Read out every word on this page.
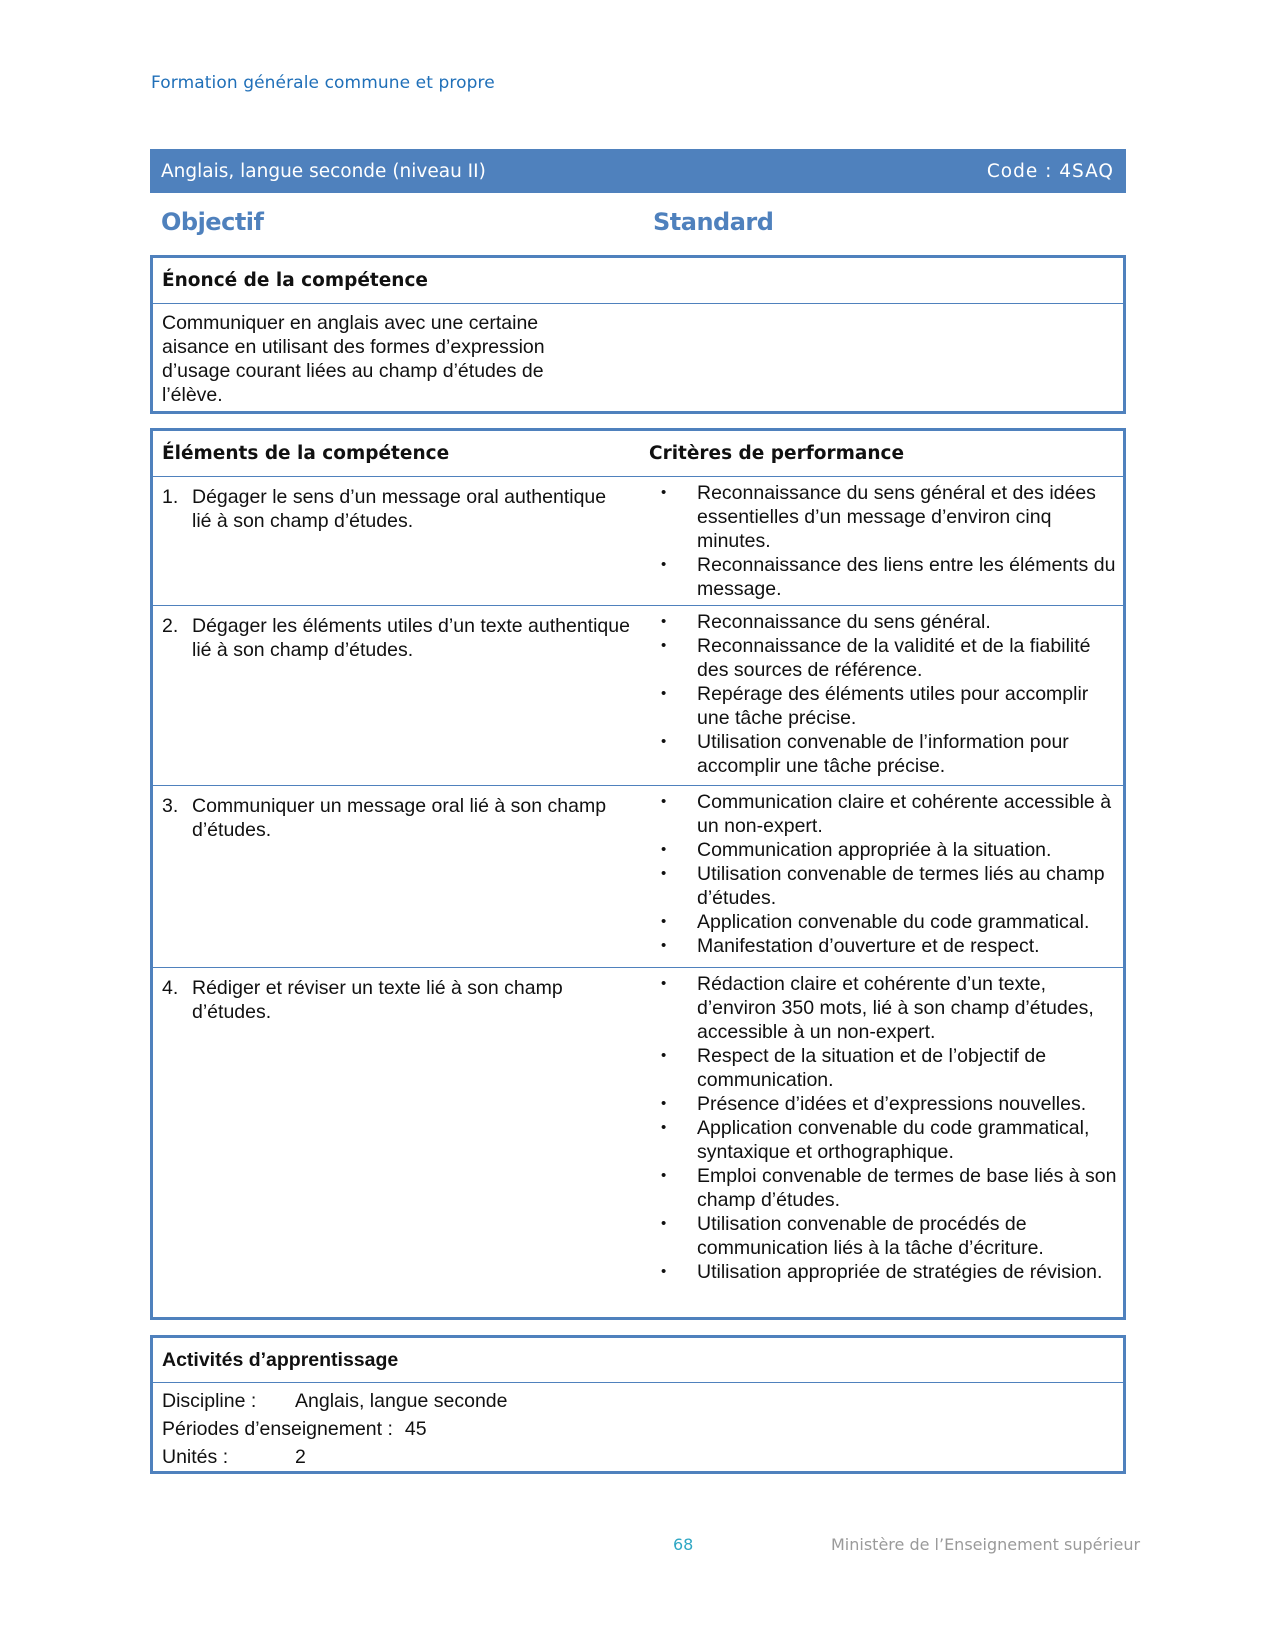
Formation générale commune et propre
Anglais, langue seconde (niveau II)	Code : 4SAQ
Objectif	Standard
Énoncé de la compétence
Communiquer en anglais avec une certaine aisance en utilisant des formes d’expression d’usage courant liées au champ d’études de l’élève.
Éléments de la compétence	Critères de performance
1. Dégager le sens d’un message oral authentique lié à son champ d’études.
•	Reconnaissance du sens général et des idées essentielles d’un message d’environ cinq minutes.
•	Reconnaissance des liens entre les éléments du message.
2. Dégager les éléments utiles d’un texte authentique lié à son champ d’études.
•	Reconnaissance du sens général.
•	Reconnaissance de la validité et de la fiabilité des sources de référence.
•	Repérage des éléments utiles pour accomplir une tâche précise.
•	Utilisation convenable de l’information pour accomplir une tâche précise.
3. Communiquer un message oral lié à son champ d’études.
•	Communication claire et cohérente accessible à un non-expert.
•	Communication appropriée à la situation.
•	Utilisation convenable de termes liés au champ d’études.
•	Application convenable du code grammatical.
•	Manifestation d’ouverture et de respect.
4. Rédiger et réviser un texte lié à son champ d’études.
•	Rédaction claire et cohérente d’un texte, d’environ 350 mots, lié à son champ d’études, accessible à un non-expert.
•	Respect de la situation et de l’objectif de communication.
•	Présence d’idées et d’expressions nouvelles.
•	Application convenable du code grammatical, syntaxique et orthographique.
•	Emploi convenable de termes de base liés à son champ d’études.
•	Utilisation convenable de procédés de communication liés à la tâche d’écriture.
•	Utilisation appropriée de stratégies de révision.
Activités d’apprentissage
Discipline :	Anglais, langue seconde
Périodes d’enseignement : 45
Unités :	2
68	Ministère de l’Enseignement supérieur
